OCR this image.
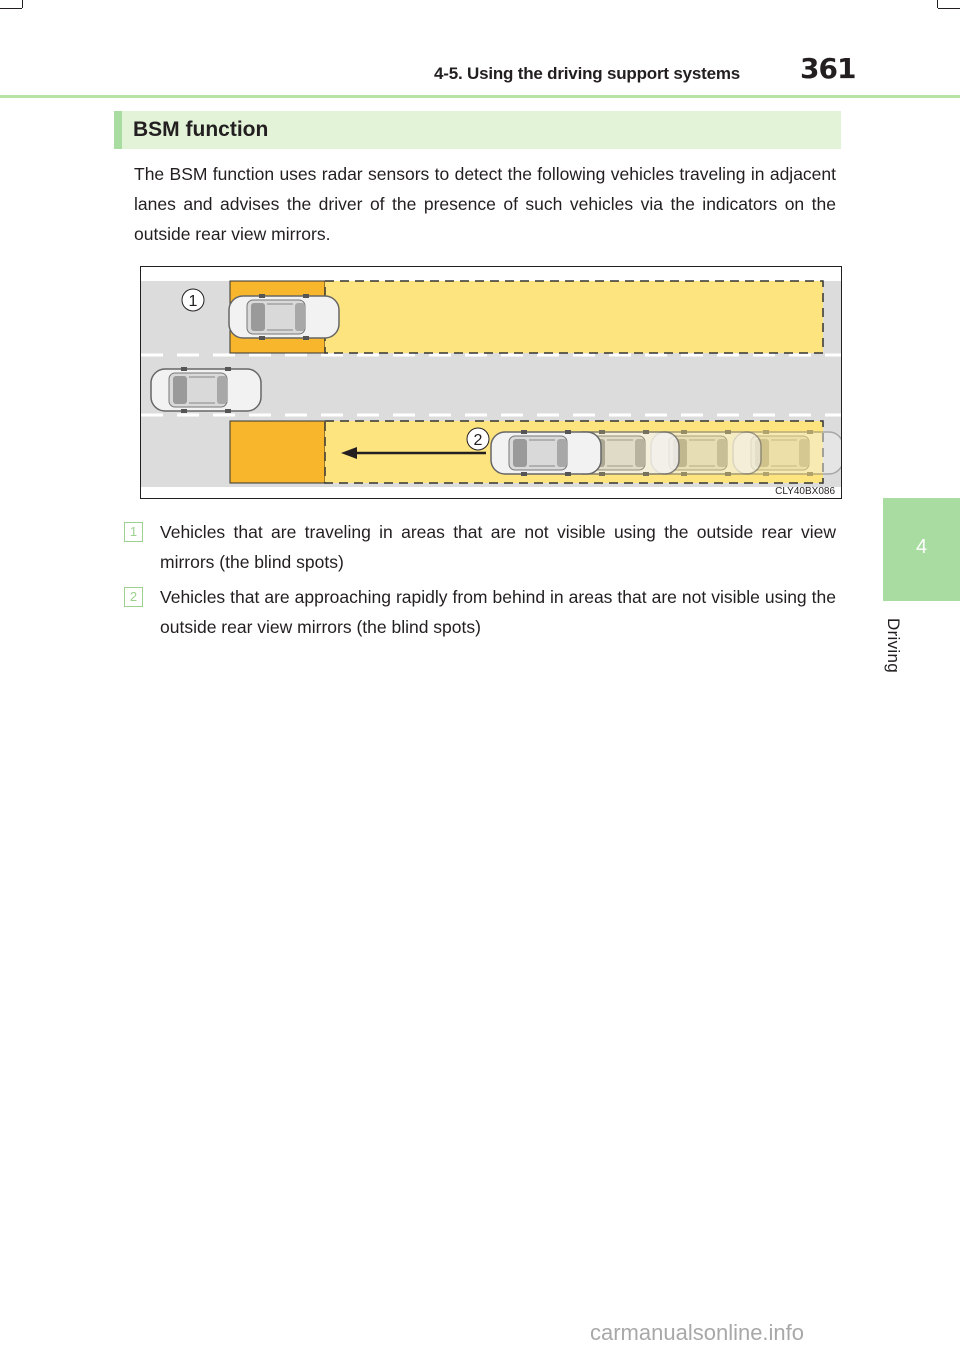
4-5. Using the driving support systems 361
4
Driving
BSM function

The BSM function uses radar sensors to detect the following vehicles traveling in adjacent lanes and advises the driver of the presence of such vehicles via the indicators on the outside rear view mirrors.

1
2
CLY40BX086
1	Vehicles that are traveling in areas that are not visible using the outside rear view mirrors (the blind spots)
2	Vehicles that are approaching rapidly from behind in areas that are not visible using the outside rear view mirrors (the blind spots)
carmanualsonline.info
